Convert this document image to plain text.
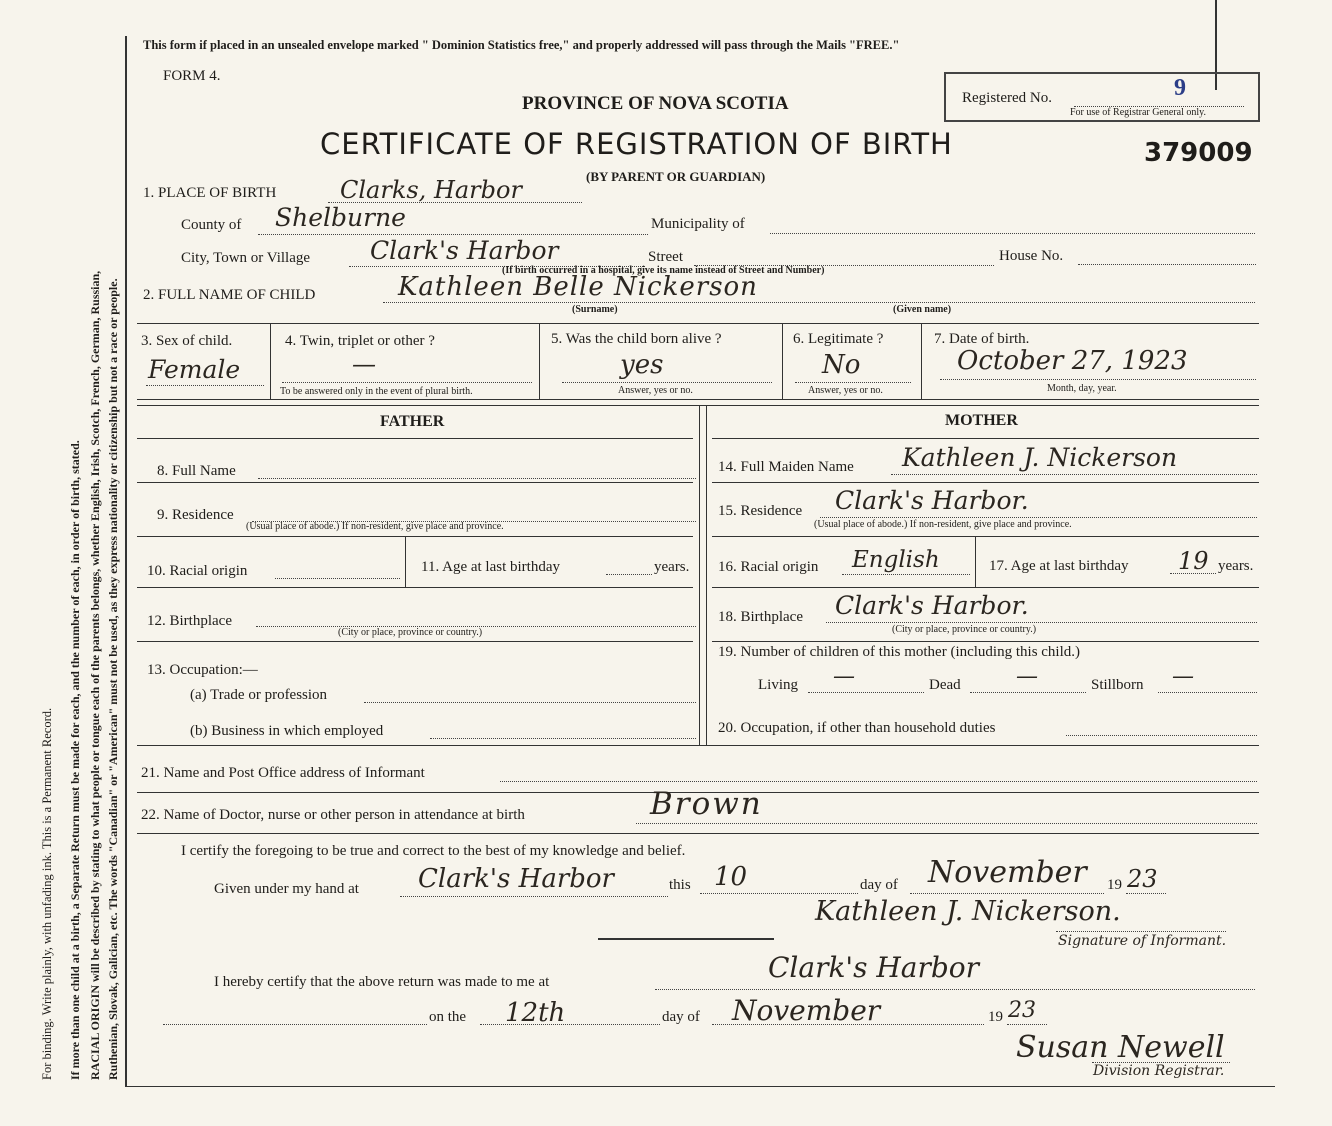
For binding. Write plainly, with unfading ink. This is a Permanent Record. If more than one child at a birth, a Separate Return must be made for each, and the number of each, in order of birth, stated. RACIAL ORIGIN will be described by stating to what people or tongue each of the parents belongs, whether English, Irish, Scotch, French, German, Russian, Ruthenian, Slovak, Galician, etc. The words "Canadian" or "American" must not be used, as they express nationality or citizenship but not a race or people.
This form if placed in an unsealed envelope marked " Dominion Statistics free," and properly addressed will pass through the Mails "FREE."
FORM 4.
PROVINCE OF NOVA SCOTIA
CERTIFICATE OF REGISTRATION OF BIRTH
Registered No.	9
For use of Registrar General only.
379009
1. PLACE OF BIRTH	Clarks, Harbor	(BY PARENT OR GUARDIAN)
County of Shelburne	Municipality of
City, Town or Village Clark's Harbor	Street	House No.
(If birth occurred in a hospital, give its name instead of Street and Number)
2. FULL NAME OF CHILD	Kathleen Belle Nickerson
(Surname)	(Given name)
3. Sex of child.
Female
4. Twin, triplet or other ?
—
To be answered only in the event of plural birth.
5. Was the child born alive ?
yes
Answer, yes or no.
6. Legitimate ?
No
Answer, yes or no.
7. Date of birth.
October 27, 1923
Month, day, year.
FATHER	MOTHER
8. Full Name
9. Residence
(Usual place of abode.) If non-resident, give place and province.
10. Racial origin	11. Age at last birthday	years.
12. Birthplace
(City or place, province or country.)
13. Occupation:—
(a) Trade or profession
(b) Business in which employed
14. Full Maiden Name Kathleen J. Nickerson
15. Residence Clark's Harbor.
(Usual place of abode.) If non-resident, give place and province.
16. Racial origin English	17. Age at last birthday 19 years.
18. Birthplace Clark's Harbor.
(City or place, province or country.)
19. Number of children of this mother (including this child.)
Living —	Dead	—	Stillborn —
20. Occupation, if other than household duties
21. Name and Post Office address of Informant
22. Name of Doctor, nurse or other person in attendance at birth	Brown
I certify the foregoing to be true and correct to the best of my knowledge and belief.
Given under my hand at Clark's Harbor	this 10	day of November 19 23
Kathleen J. Nickerson.
Signature of Informant.
I hereby certify that the above return was made to me at	Clark's Harbor
on the 12th	day of November	19 23
Susan Newell
Division Registrar.
